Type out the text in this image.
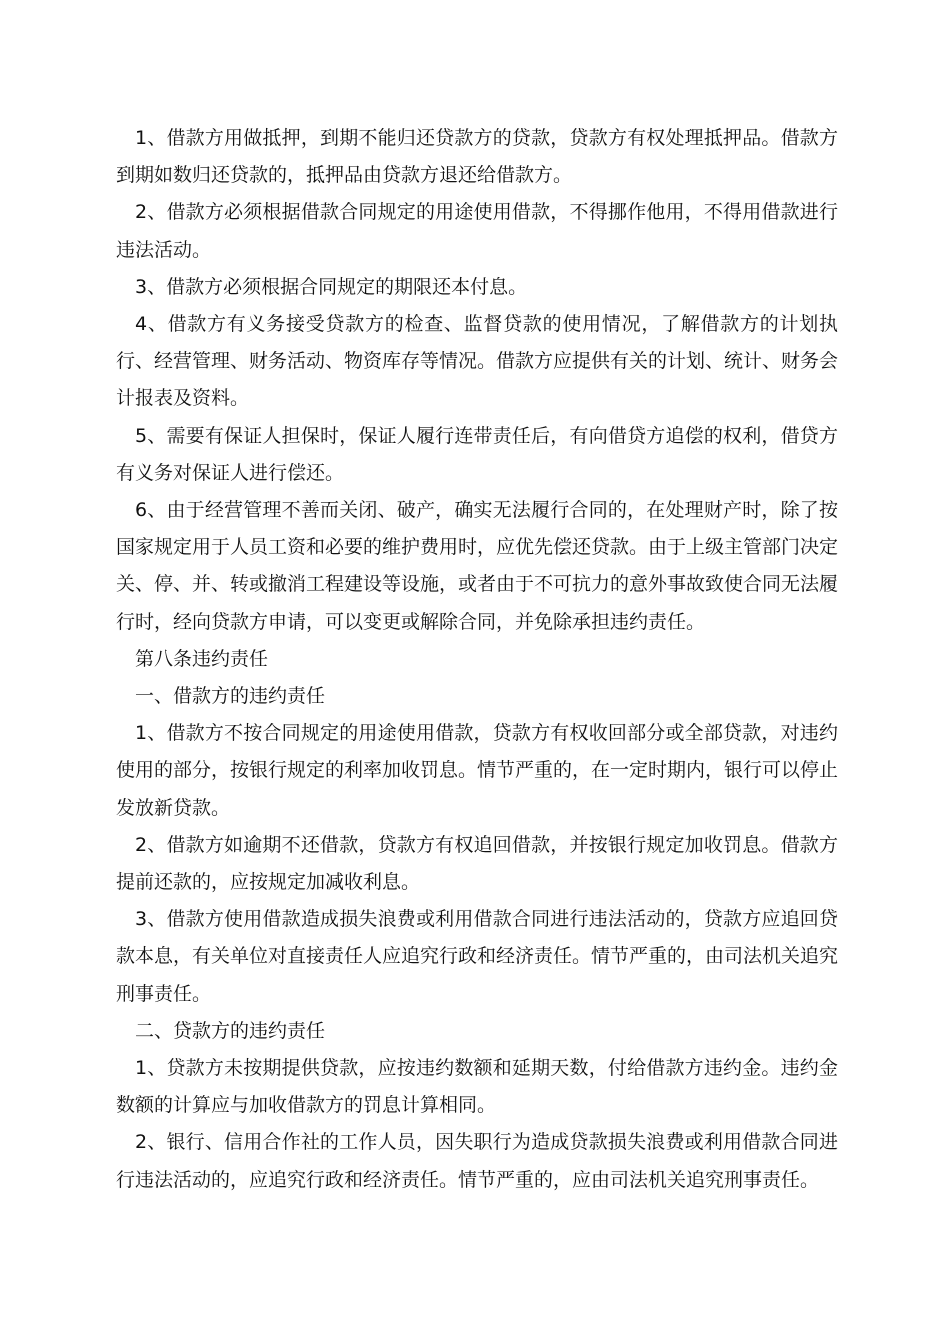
1、借款方用做抵押，到期不能归还贷款方的贷款，贷款方有权处理抵押品。借款方到期如数归还贷款的，抵押品由贷款方退还给借款方。

2、借款方必须根据借款合同规定的用途使用借款，不得挪作他用，不得用借款进行违法活动。

3、借款方必须根据合同规定的期限还本付息。

4、借款方有义务接受贷款方的检查、监督贷款的使用情况，了解借款方的计划执行、经营管理、财务活动、物资库存等情况。借款方应提供有关的计划、统计、财务会计报表及资料。

5、需要有保证人担保时，保证人履行连带责任后，有向借贷方追偿的权利，借贷方有义务对保证人进行偿还。

6、由于经营管理不善而关闭、破产，确实无法履行合同的，在处理财产时，除了按国家规定用于人员工资和必要的维护费用时，应优先偿还贷款。由于上级主管部门决定关、停、并、转或撤消工程建设等设施，或者由于不可抗力的意外事故致使合同无法履行时，经向贷款方申请，可以变更或解除合同，并免除承担违约责任。

第八条违约责任

一、借款方的违约责任

1、借款方不按合同规定的用途使用借款，贷款方有权收回部分或全部贷款，对违约使用的部分，按银行规定的利率加收罚息。情节严重的，在一定时期内，银行可以停止发放新贷款。

2、借款方如逾期不还借款，贷款方有权追回借款，并按银行规定加收罚息。借款方提前还款的，应按规定加减收利息。

3、借款方使用借款造成损失浪费或利用借款合同进行违法活动的，贷款方应追回贷款本息，有关单位对直接责任人应追究行政和经济责任。情节严重的，由司法机关追究刑事责任。

二、贷款方的违约责任

1、贷款方未按期提供贷款，应按违约数额和延期天数，付给借款方违约金。违约金数额的计算应与加收借款方的罚息计算相同。

2、银行、信用合作社的工作人员，因失职行为造成贷款损失浪费或利用借款合同进行违法活动的，应追究行政和经济责任。情节严重的，应由司法机关追究刑事责任。
